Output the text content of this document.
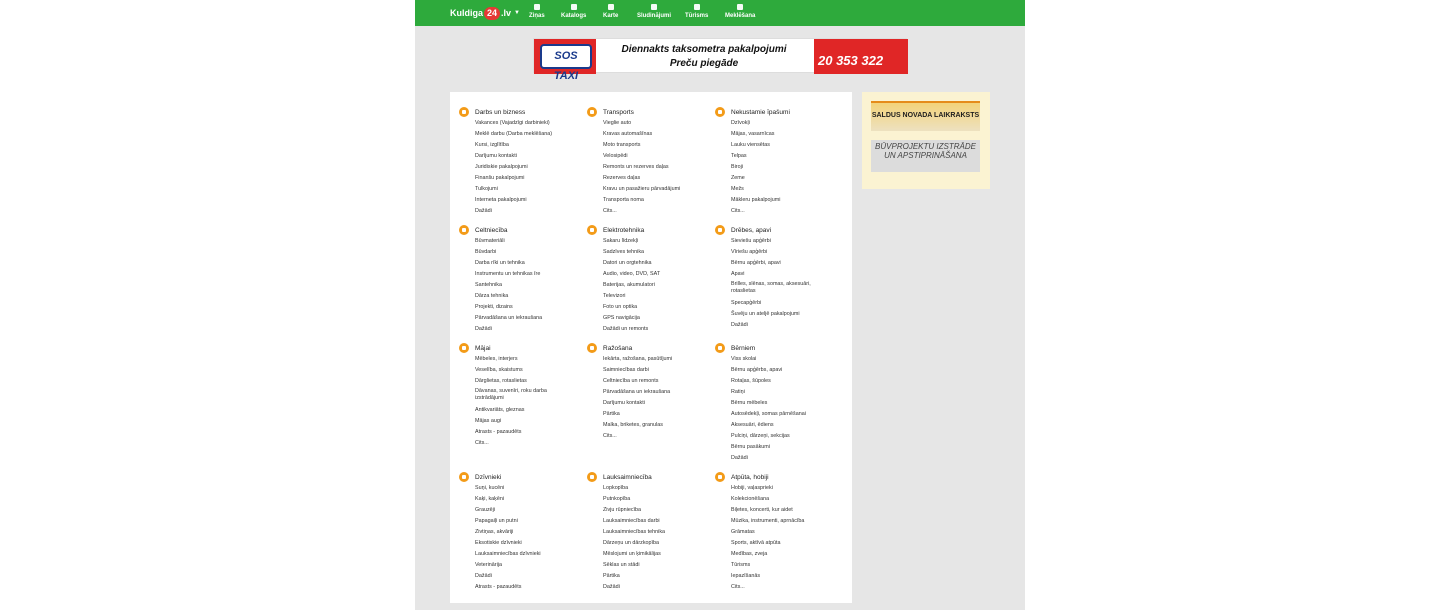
Kuldiga 24 .lv ▼ Ziņas	Katalogs	Karte	Sludinājumi Tūrisms	Meklēšana
SOS TAXI
Diennakts taksometra pakalpojumi
Preču piegāde	20 353 322
Darbs un bizness
Vakances (Vajadzīgi darbinieki)
Meklē darbu (Darba meklēšana)
Kursi, izglītība
Darījumu kontakti
Juridiskie pakalpojumi
Finanšu pakalpojumi
Tulkojumi
Interneta pakalpojumi
Dažādi
Transports
Vieglie auto
Kravas automašīnas
Moto transports
Velosipēdi
Remonts un rezerves daļas
Rezerves daļas
Kravu un pasažieru pārvadājumi
Transporta noma
Cits...
Nekustamie īpašumi
Dzīvokļi
Mājas, vasarnīcas
Lauku viensētas
Telpas
Biroji
Zeme
Mežs
Mākleru pakalpojumi
Cits...
Celtniecība
Būvmateriāli
Būvdarbi
Darba rīki un tehnika
Instrumentu un tehnikas īre
Santehnika
Dārza tehnika
Projekti, dizains
Pārvadāšana un iekraušana
Dažādi
Elektrotehnika
Sakaru līdzekļi
Sadzīves tehnika
Datori un orgtehnika
Audio, video, DVD, SAT
Baterijas, akumulatori
Televizori
Foto un optika
GPS navigācija
Dažādi un remonts
Drēbes, apavi
Sieviešu apģērbi
Vīriešu apģērbi
Bērnu apģērbi, apavi
Apavi
Brilles, slēnas, somas, aksesuāri, rotaslietas
Specapģērbi
Šuvēju un ateljē pakalpojumi
Dažādi
Mājai
Mēbeles, interjers
Veselība, skaistums
Dārglietas, rotaslietas
Dāvanas, suvenīri, roku darba izstrādājumi
Antikvariāts, gleznas
Mājas augi
Atrasts - pazaudēts
Cits...
Ražošana
Iekārta, ražošana, pasūtījumi
Saimniecības darbi
Celtniecība un remonts
Pārvadāšana un iekraušana
Darījumu kontakti
Pārtika
Malka, briketes, granulas
Cits...
Bērniem
Viss skolai
Bērnu apģērbs, apavi
Rotaļas, šūpoles
Ratiņi
Bērnu mēbeles
Autosēdekļi, somas pārnēšanai
Aksesuāri, ēdiens
Pulciņi, dārzeņi, sekcijas
Bērnu pasākumi
Dažādi
Dzīvnieki
Suņi, kucēni
Kaķi, kaķēni
Grauzēji
Papagaiļi un putni
Zivtiņas, akvāriji
Eksotiskie dzīvnieki
Lauksaimniecības dzīvnieki
Veterinārija
Dažādi
Atrasts - pazaudēts
Lauksaimniecība
Lopkopība
Putnkopība
Zivju rūpniecība
Lauksaimniecības darbi
Lauksaimniecības tehnika
Dārzeņu un dārzkopība
Mēslojumi un ķimikālijas
Sēklas un stādi
Pārtika
Dažādi
Atpūta, hobiji
Hobiji, vaļasprieki
Kolekcionēšana
Biļetes, koncerti, kur aidet
Mūzika, instrumenti, aprnācība
Grāmatas
Sports, aktīvā atpūta
Medības, zveja
Tūrisms
Iepazīšanās
Cits...
SALDUS NOVADA LAIKRAKSTS
BŪVPROJEKTU IZSTRĀDE UN APSTIPRINĀŠANA
